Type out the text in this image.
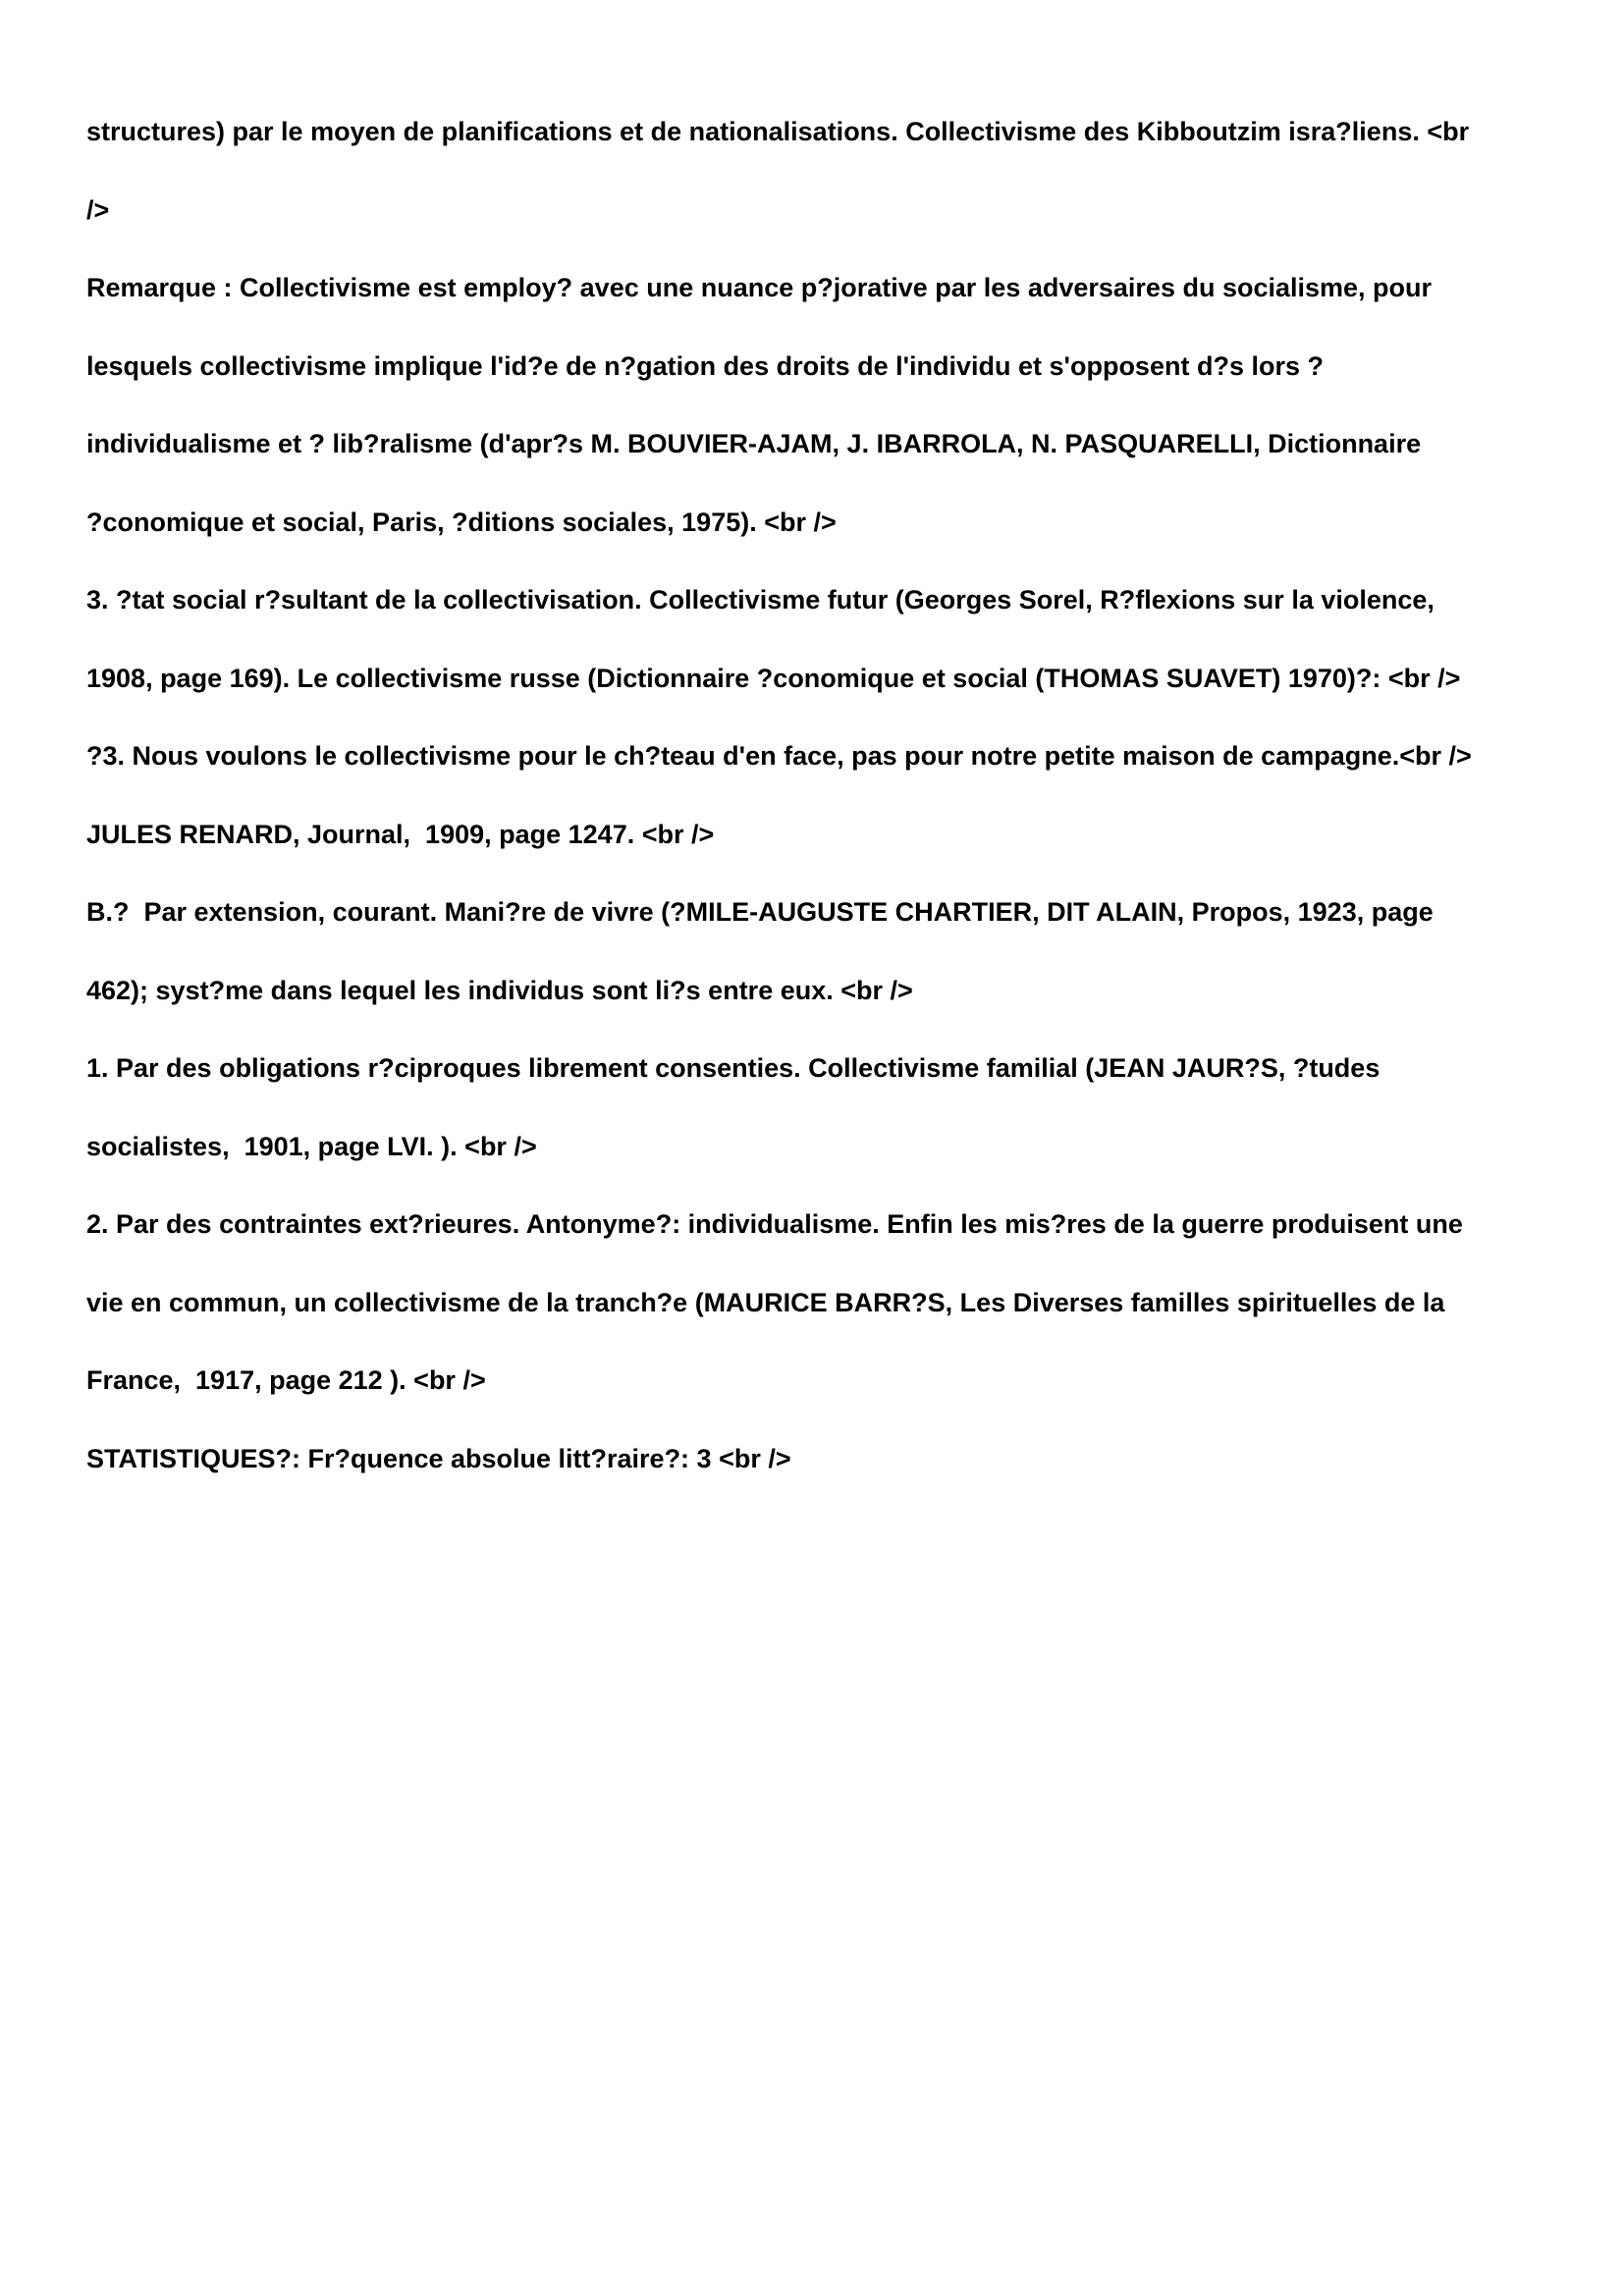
structures) par le moyen de planifications et de nationalisations. Collectivisme des Kibboutzim isra?liens. <br

/>

Remarque : Collectivisme est employ? avec une nuance p?jorative par les adversaires du socialisme, pour

lesquels collectivisme implique l'id?e de n?gation des droits de l'individu et s'opposent d?s lors ?

individualisme et ? lib?ralisme (d'apr?s M. BOUVIER-AJAM, J. IBARROLA, N. PASQUARELLI, Dictionnaire

?conomique et social, Paris, ?ditions sociales, 1975). <br />

3. ?tat social r?sultant de la collectivisation. Collectivisme futur (Georges Sorel, R?flexions sur la violence,

1908, page 169). Le collectivisme russe (Dictionnaire ?conomique et social (THOMAS SUAVET) 1970)?: <br />

?3. Nous voulons le collectivisme pour le ch?teau d'en face, pas pour notre petite maison de campagne.<br />

JULES RENARD, Journal,  1909, page 1247. <br />

B.?  Par extension, courant. Mani?re de vivre (?MILE-AUGUSTE CHARTIER, DIT ALAIN, Propos, 1923, page

462); syst?me dans lequel les individus sont li?s entre eux. <br />

1. Par des obligations r?ciproques librement consenties. Collectivisme familial (JEAN JAUR?S, ?tudes

socialistes,  1901, page LVI. ). <br />

2. Par des contraintes ext?rieures. Antonyme?: individualisme. Enfin les mis?res de la guerre produisent une

vie en commun, un collectivisme de la tranch?e (MAURICE BARR?S, Les Diverses familles spirituelles de la

France,  1917, page 212 ). <br />

STATISTIQUES?: Fr?quence absolue litt?raire?: 3 <br />
